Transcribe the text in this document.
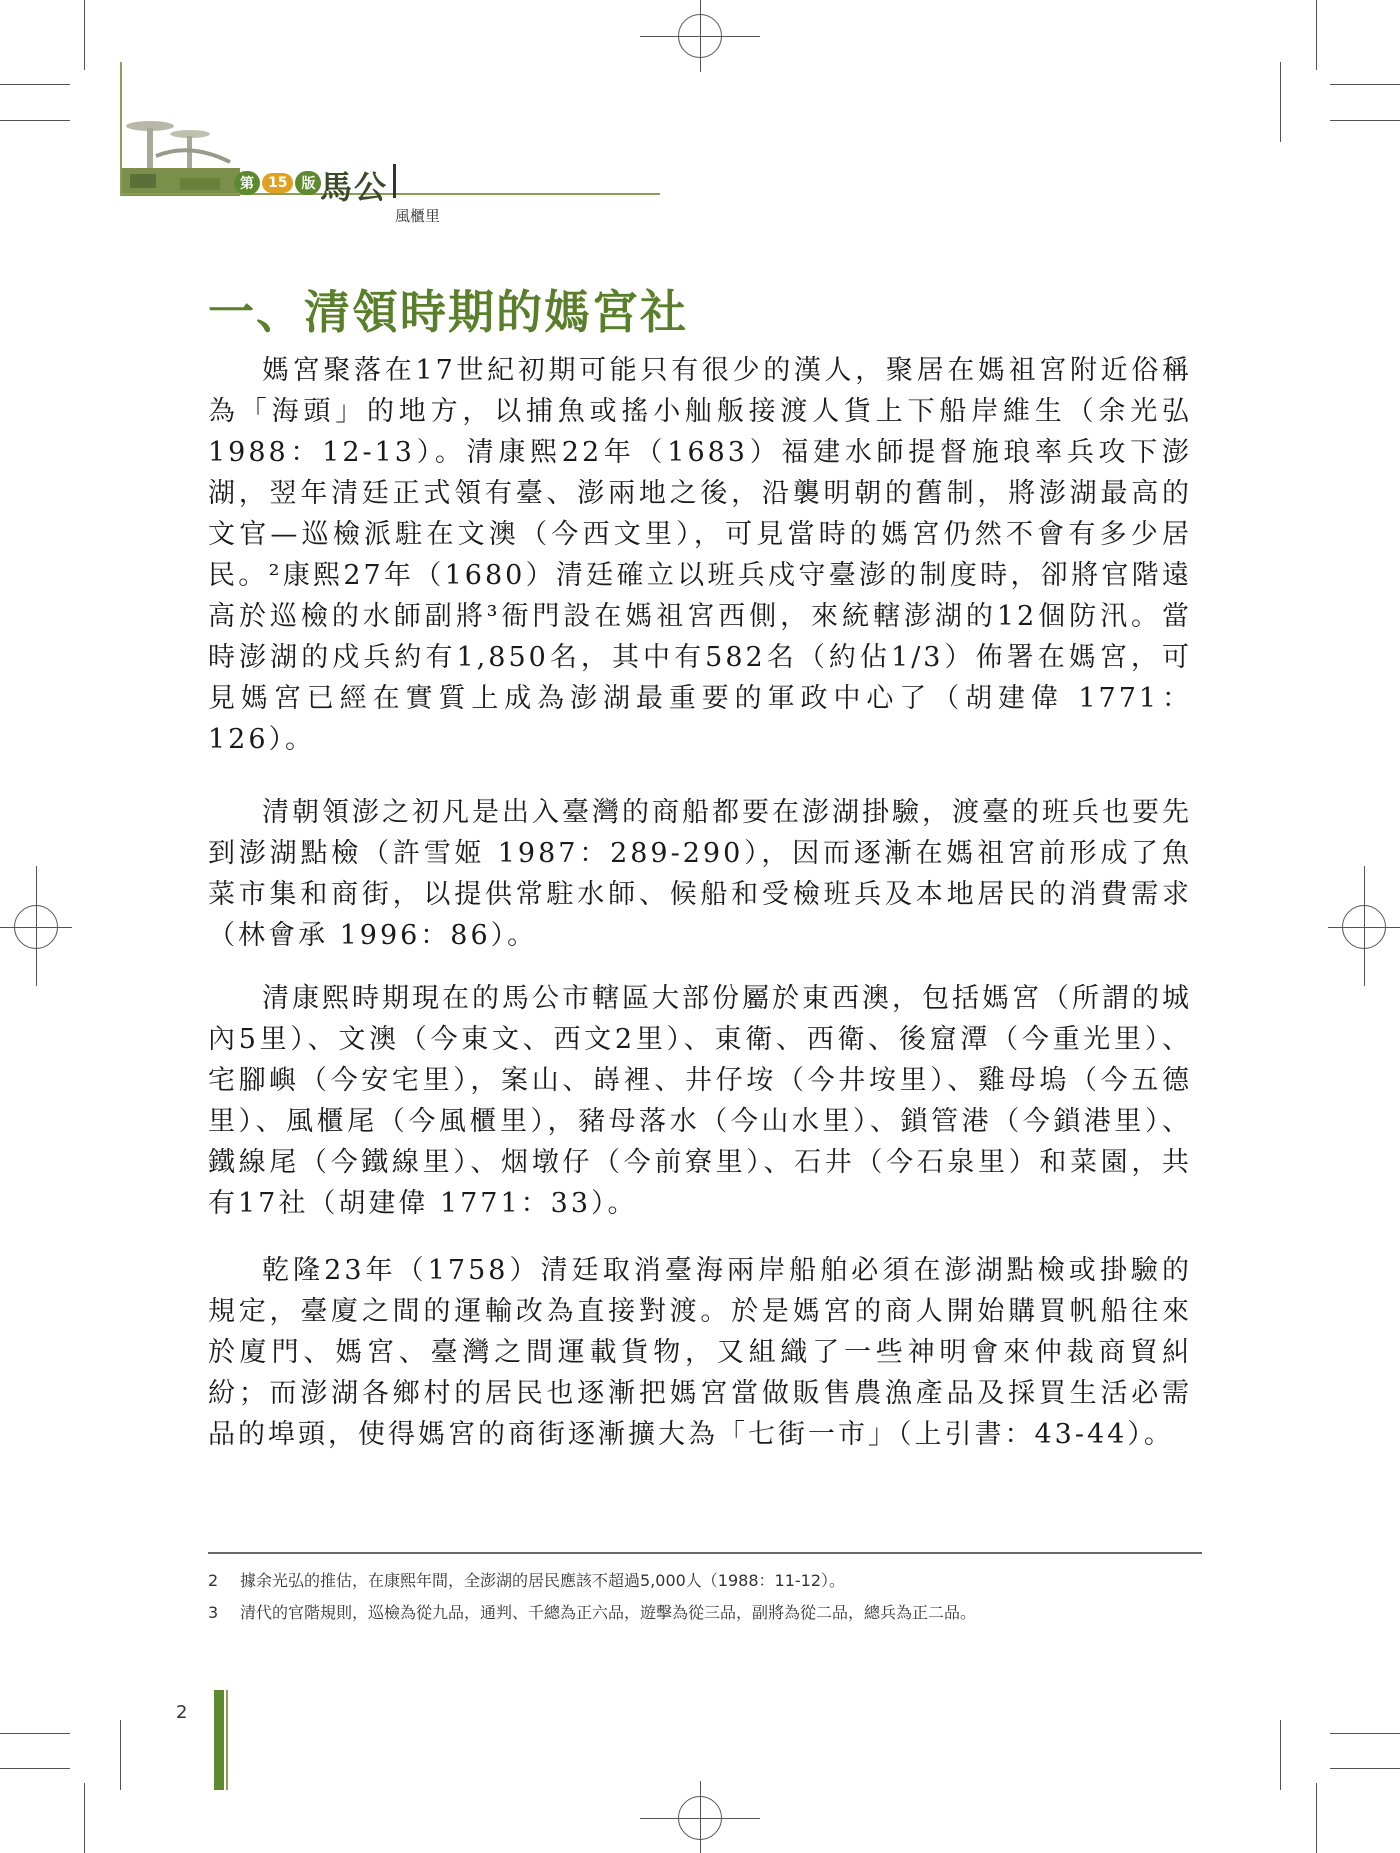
第	15	版 馬公
風櫃里
一、清領時期的媽宮社
媽宮聚落在17世紀初期可能只有很少的漢人，聚居在媽祖宮附近俗稱為「海頭」的地方，以捕魚或搖小舢舨接渡人貨上下船岸維生（余光弘 1988：12-13）。清康熙22年（1683）福建水師提督施琅率兵攻下澎湖，翌年清廷正式領有臺、澎兩地之後，沿襲明朝的舊制，將澎湖最高的文官—巡檢派駐在文澳（今西文里），可見當時的媽宮仍然不會有多少居民。²康熙27年（1680）清廷確立以班兵戍守臺澎的制度時，卻將官階遠高於巡檢的水師副將³衙門設在媽祖宮西側，來統轄澎湖的12個防汛。當時澎湖的戍兵約有1,850名，其中有582名（約佔1/3）佈署在媽宮，可見媽宮已經在實質上成為澎湖最重要的軍政中心了（胡建偉 1771：126）。
清朝領澎之初凡是出入臺灣的商船都要在澎湖掛驗，渡臺的班兵也要先到澎湖點檢（許雪姬 1987：289-290），因而逐漸在媽祖宮前形成了魚菜市集和商街，以提供常駐水師、候船和受檢班兵及本地居民的消費需求（林會承 1996：86）。
清康熙時期現在的馬公市轄區大部份屬於東西澳，包括媽宮（所謂的城內5里）、文澳（今東文、西文2里）、東衛、西衛、後窟潭（今重光里）、宅腳嶼（今安宅里），案山、嵵裡、井仔垵（今井垵里）、雞母塢（今五德里）、風櫃尾（今風櫃里），豬母落水（今山水里）、鎖管港（今鎖港里）、鐵線尾（今鐵線里）、烟墩仔（今前寮里）、石井（今石泉里）和菜園，共有17社（胡建偉 1771：33）。
乾隆23年（1758）清廷取消臺海兩岸船舶必須在澎湖點檢或掛驗的規定，臺廈之間的運輸改為直接對渡。於是媽宮的商人開始購買帆船往來於廈門、媽宮、臺灣之間運載貨物，又組織了一些神明會來仲裁商貿糾紛；而澎湖各鄉村的居民也逐漸把媽宮當做販售農漁產品及採買生活必需品的埠頭，使得媽宮的商街逐漸擴大為「七街一市」（上引書：43-44）。
2 據余光弘的推估，在康熙年間，全澎湖的居民應該不超過5,000人（1988：11-12）。
3 清代的官階規則，巡檢為從九品，通判、千總為正六品，遊擊為從三品，副將為從二品，總兵為正二品。
2
